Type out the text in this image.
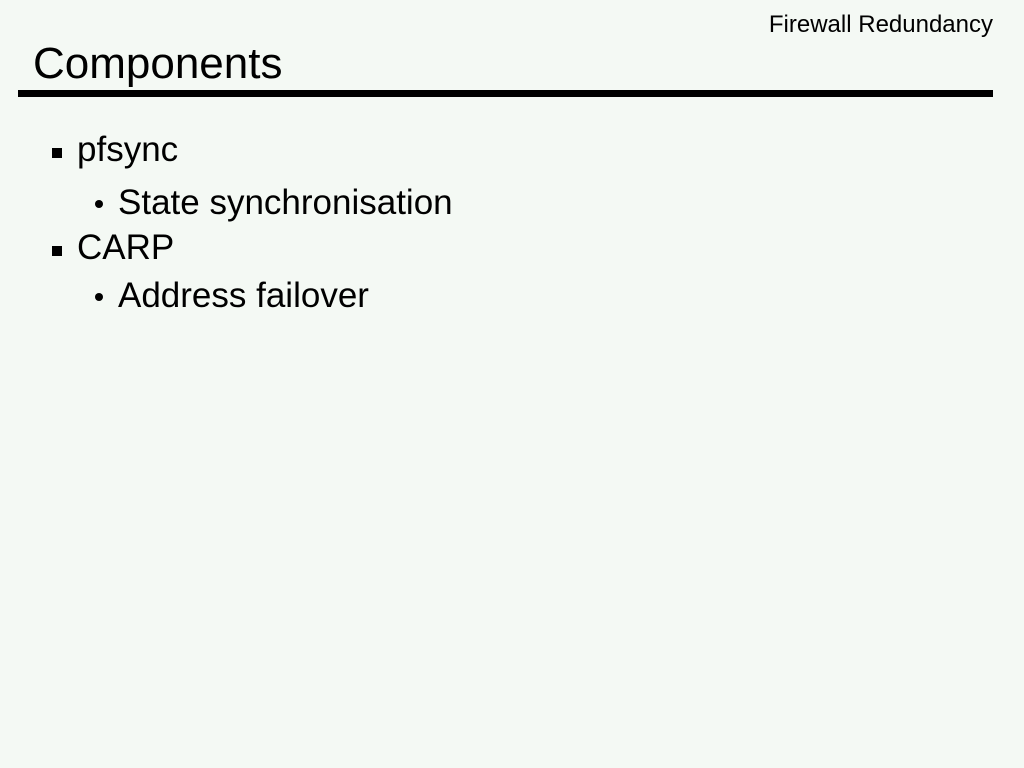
Firewall Redundancy
Components
pfsync
State synchronisation
CARP
Address failover
